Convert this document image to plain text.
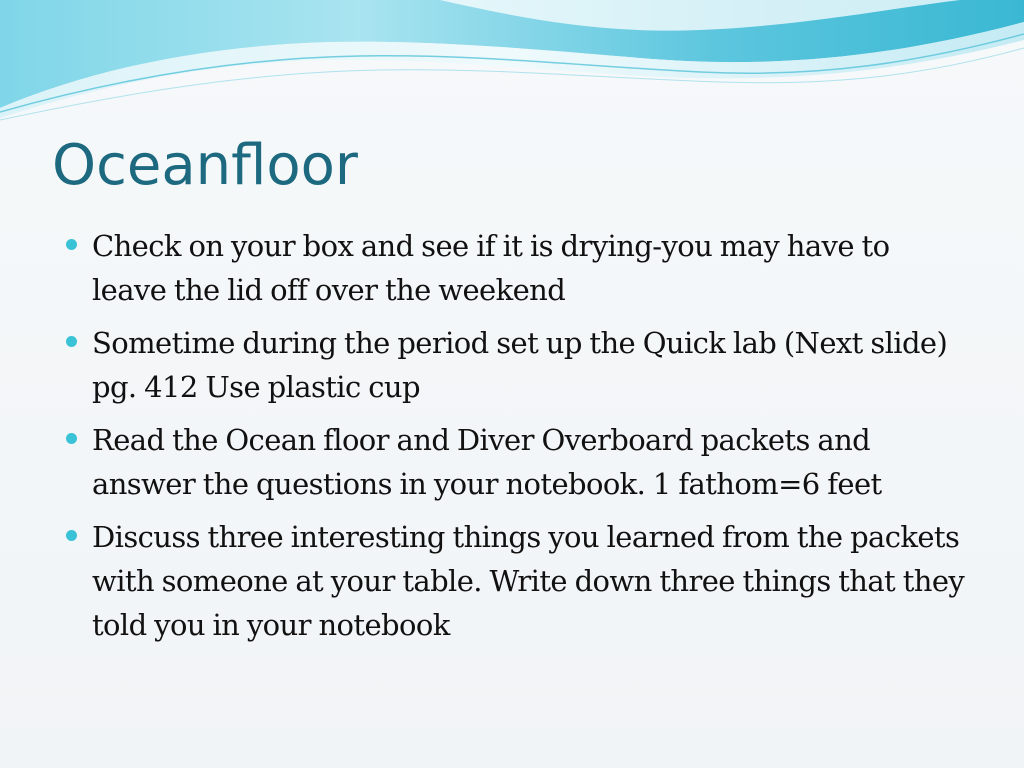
Oceanfloor
Check on your box and see if it is drying-you may have to leave the lid off over the weekend
Sometime during the period set up the Quick lab (Next slide) pg. 412 Use plastic cup
Read the Ocean floor and Diver Overboard packets and answer the questions in your notebook. 1 fathom=6 feet
Discuss three interesting things you learned from the packets with someone at your table. Write down three things that they told you in your notebook
